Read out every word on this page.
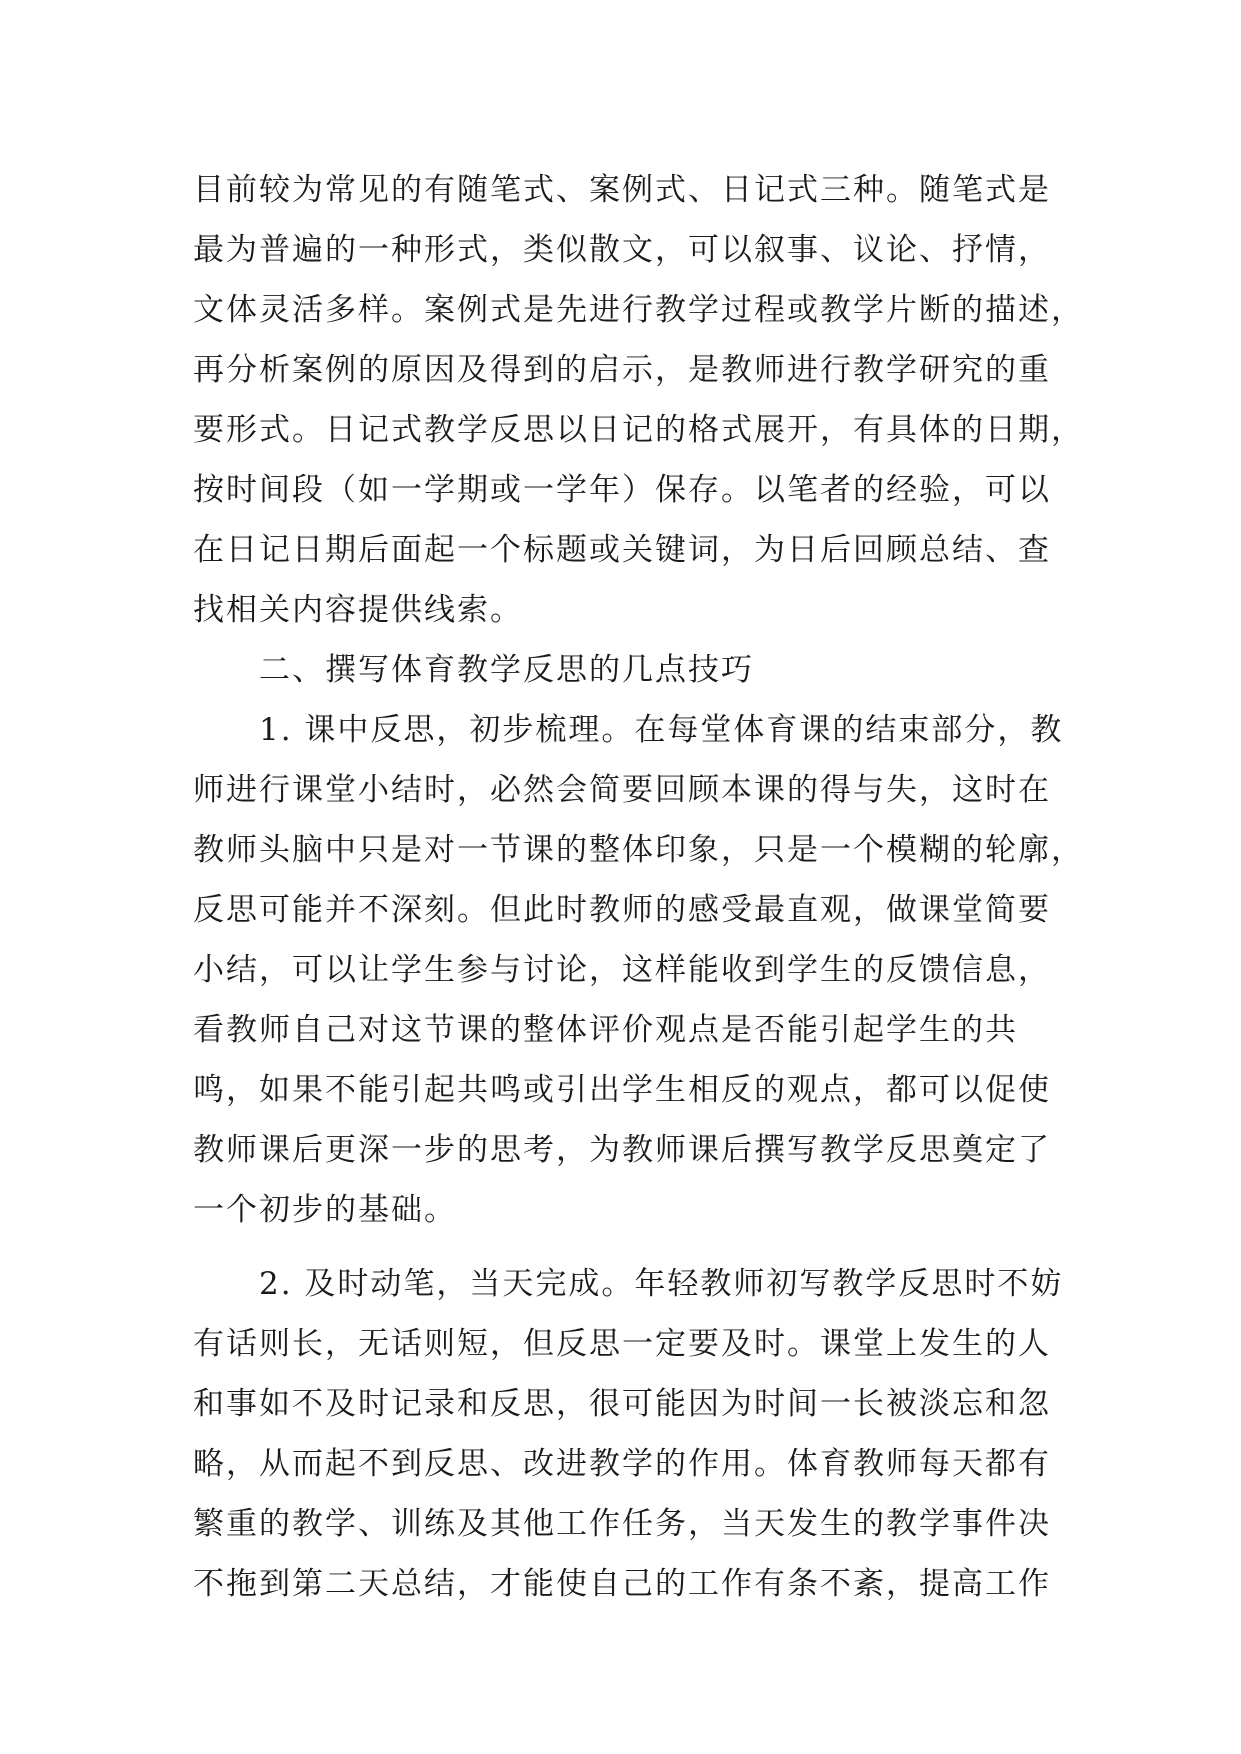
目前较为常见的有随笔式、案例式、日记式三种。随笔式是
最为普遍的一种形式，类似散文，可以叙事、议论、抒情，
文体灵活多样。案例式是先进行教学过程或教学片断的描述，
再分析案例的原因及得到的启示，是教师进行教学研究的重
要形式。日记式教学反思以日记的格式展开，有具体的日期，
按时间段（如一学期或一学年）保存。以笔者的经验，可以
在日记日期后面起一个标题或关键词，为日后回顾总结、查
找相关内容提供线索。
　　二、撰写体育教学反思的几点技巧
　　1. 课中反思，初步梳理。在每堂体育课的结束部分，教
师进行课堂小结时，必然会简要回顾本课的得与失，这时在
教师头脑中只是对一节课的整体印象，只是一个模糊的轮廓，
反思可能并不深刻。但此时教师的感受最直观，做课堂简要
小结，可以让学生参与讨论，这样能收到学生的反馈信息，
看教师自己对这节课的整体评价观点是否能引起学生的共
鸣，如果不能引起共鸣或引出学生相反的观点，都可以促使
教师课后更深一步的思考，为教师课后撰写教学反思奠定了
一个初步的基础。
　　2. 及时动笔，当天完成。年轻教师初写教学反思时不妨
有话则长，无话则短，但反思一定要及时。课堂上发生的人
和事如不及时记录和反思，很可能因为时间一长被淡忘和忽
略，从而起不到反思、改进教学的作用。体育教师每天都有
繁重的教学、训练及其他工作任务，当天发生的教学事件决
不拖到第二天总结，才能使自己的工作有条不紊，提高工作
